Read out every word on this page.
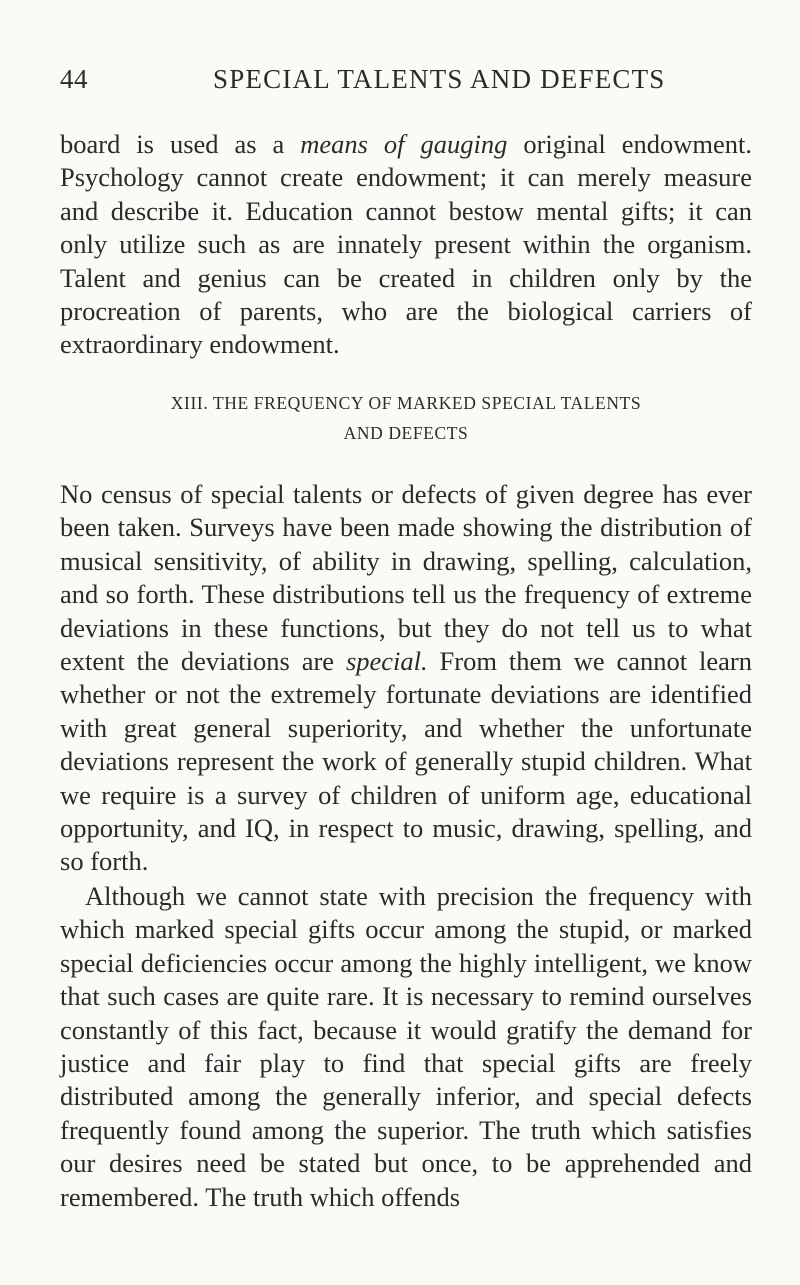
44	SPECIAL TALENTS AND DEFECTS

board is used as a means of gauging original endowment. Psychology cannot create endowment; it can merely measure and describe it. Education cannot bestow mental gifts; it can only utilize such as are innately present within the organism. Talent and genius can be created in children only by the procreation of parents, who are the biological carriers of extraordinary endowment.

XIII. THE FREQUENCY OF MARKED SPECIAL TALENTS
AND DEFECTS

No census of special talents or defects of given degree has ever been taken. Surveys have been made showing the distribution of musical sensitivity, of ability in drawing, spelling, calculation, and so forth. These distributions tell us the frequency of extreme deviations in these functions, but they do not tell us to what extent the deviations are special. From them we cannot learn whether or not the extremely fortunate deviations are identified with great general superiority, and whether the unfortunate deviations represent the work of generally stupid children. What we require is a survey of children of uniform age, educational opportunity, and IQ, in respect to music, drawing, spelling, and so forth.

Although we cannot state with precision the frequency with which marked special gifts occur among the stupid, or marked special deficiencies occur among the highly intelligent, we know that such cases are quite rare. It is necessary to remind ourselves constantly of this fact, because it would gratify the demand for justice and fair play to find that special gifts are freely distributed among the generally inferior, and special defects frequently found among the superior. The truth which satisfies our desires need be stated but once, to be apprehended and remembered. The truth which offends
